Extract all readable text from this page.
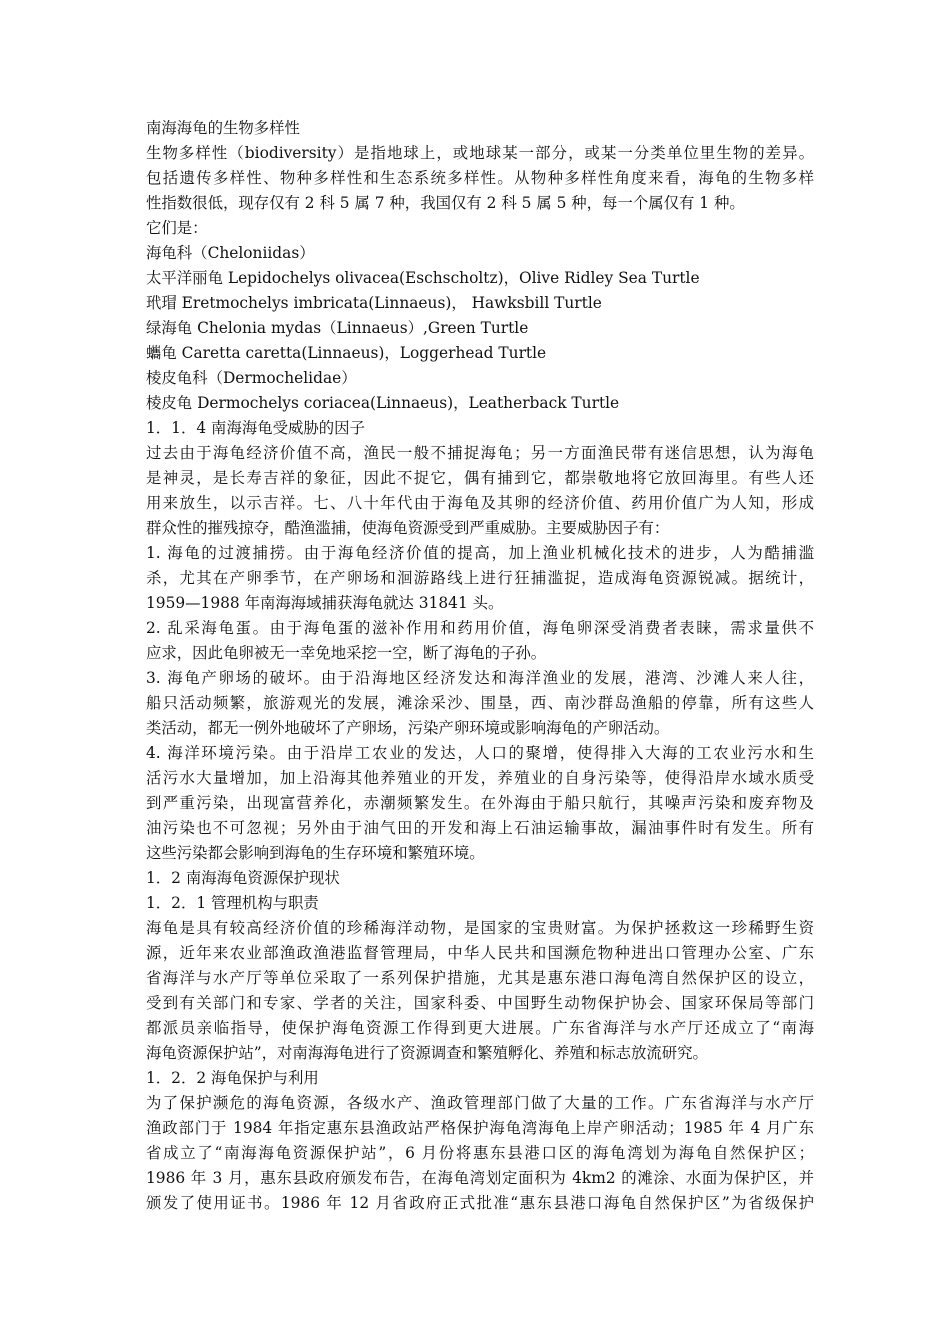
南海海龟的生物多样性
生物多样性（biodiversity）是指地球上，或地球某一部分，或某一分类单位里生物的差异。
包括遗传多样性、物种多样性和生态系统多样性。从物种多样性角度来看，海龟的生物多样
性指数很低，现存仅有 2 科 5 属 7 种，我国仅有 2 科 5 属 5 种，每一个属仅有 1 种。
它们是：
海龟科（Cheloniidas）
太平洋丽龟 Lepidochelys olivacea(Eschscholtz)，Olive Ridley Sea Turtle
玳瑁 Eretmochelys imbricata(Linnaeus)， Hawksbill Turtle
绿海龟 Chelonia mydas（Linnaeus）,Green Turtle
蠵龟 Caretta caretta(Linnaeus)，Loggerhead Turtle
棱皮龟科（Dermochelidae）
棱皮龟 Dermochelys coriacea(Linnaeus)，Leatherback Turtle
1．1．4 南海海龟受威胁的因子
过去由于海龟经济价值不高，渔民一般不捕捉海龟；另一方面渔民带有迷信思想，认为海龟
是神灵，是长寿吉祥的象征，因此不捉它，偶有捕到它，都崇敬地将它放回海里。有些人还
用来放生，以示吉祥。七、八十年代由于海龟及其卵的经济价值、药用价值广为人知，形成
群众性的摧残掠夺，酷渔滥捕，使海龟资源受到严重威胁。主要威胁因子有：
1. 海龟的过渡捕捞。由于海龟经济价值的提高，加上渔业机械化技术的进步，人为酷捕滥
杀，尤其在产卵季节，在产卵场和洄游路线上进行狂捕滥捉，造成海龟资源锐减。据统计，
1959—1988 年南海海域捕获海龟就达 31841 头。
2. 乱采海龟蛋。由于海龟蛋的滋补作用和药用价值，海龟卵深受消费者表睐，需求量供不
应求，因此龟卵被无一幸免地采挖一空，断了海龟的子孙。
3. 海龟产卵场的破坏。由于沿海地区经济发达和海洋渔业的发展，港湾、沙滩人来人往，
船只活动频繁，旅游观光的发展，滩涂采沙、围垦，西、南沙群岛渔船的停靠，所有这些人
类活动，都无一例外地破坏了产卵场，污染产卵环境或影响海龟的产卵活动。
4. 海洋环境污染。由于沿岸工农业的发达，人口的聚增，使得排入大海的工农业污水和生
活污水大量增加，加上沿海其他养殖业的开发，养殖业的自身污染等，使得沿岸水域水质受
到严重污染，出现富营养化，赤潮频繁发生。在外海由于船只航行，其噪声污染和废弃物及
油污染也不可忽视；另外由于油气田的开发和海上石油运输事故，漏油事件时有发生。所有
这些污染都会影响到海龟的生存环境和繁殖环境。
1．2 南海海龟资源保护现状
1．2．1 管理机构与职责
海龟是具有较高经济价值的珍稀海洋动物，是国家的宝贵财富。为保护拯救这一珍稀野生资
源，近年来农业部渔政渔港监督管理局，中华人民共和国濒危物种进出口管理办公室、广东
省海洋与水产厅等单位采取了一系列保护措施，尤其是惠东港口海龟湾自然保护区的设立，
受到有关部门和专家、学者的关注，国家科委、中国野生动物保护协会、国家环保局等部门
都派员亲临指导，使保护海龟资源工作得到更大进展。广东省海洋与水产厅还成立了“南海
海龟资源保护站”，对南海海龟进行了资源调查和繁殖孵化、养殖和标志放流研究。
1．2．2 海龟保护与利用
为了保护濒危的海龟资源，各级水产、渔政管理部门做了大量的工作。广东省海洋与水产厅
渔政部门于 1984 年指定惠东县渔政站严格保护海龟湾海龟上岸产卵活动；1985 年 4 月广东
省成立了“南海海龟资源保护站”，6 月份将惠东县港口区的海龟湾划为海龟自然保护区；
1986 年 3 月，惠东县政府颁发布告，在海龟湾划定面积为 4km2 的滩涂、水面为保护区，并
颁发了使用证书。1986 年 12 月省政府正式批准“惠东县港口海龟自然保护区”为省级保护
